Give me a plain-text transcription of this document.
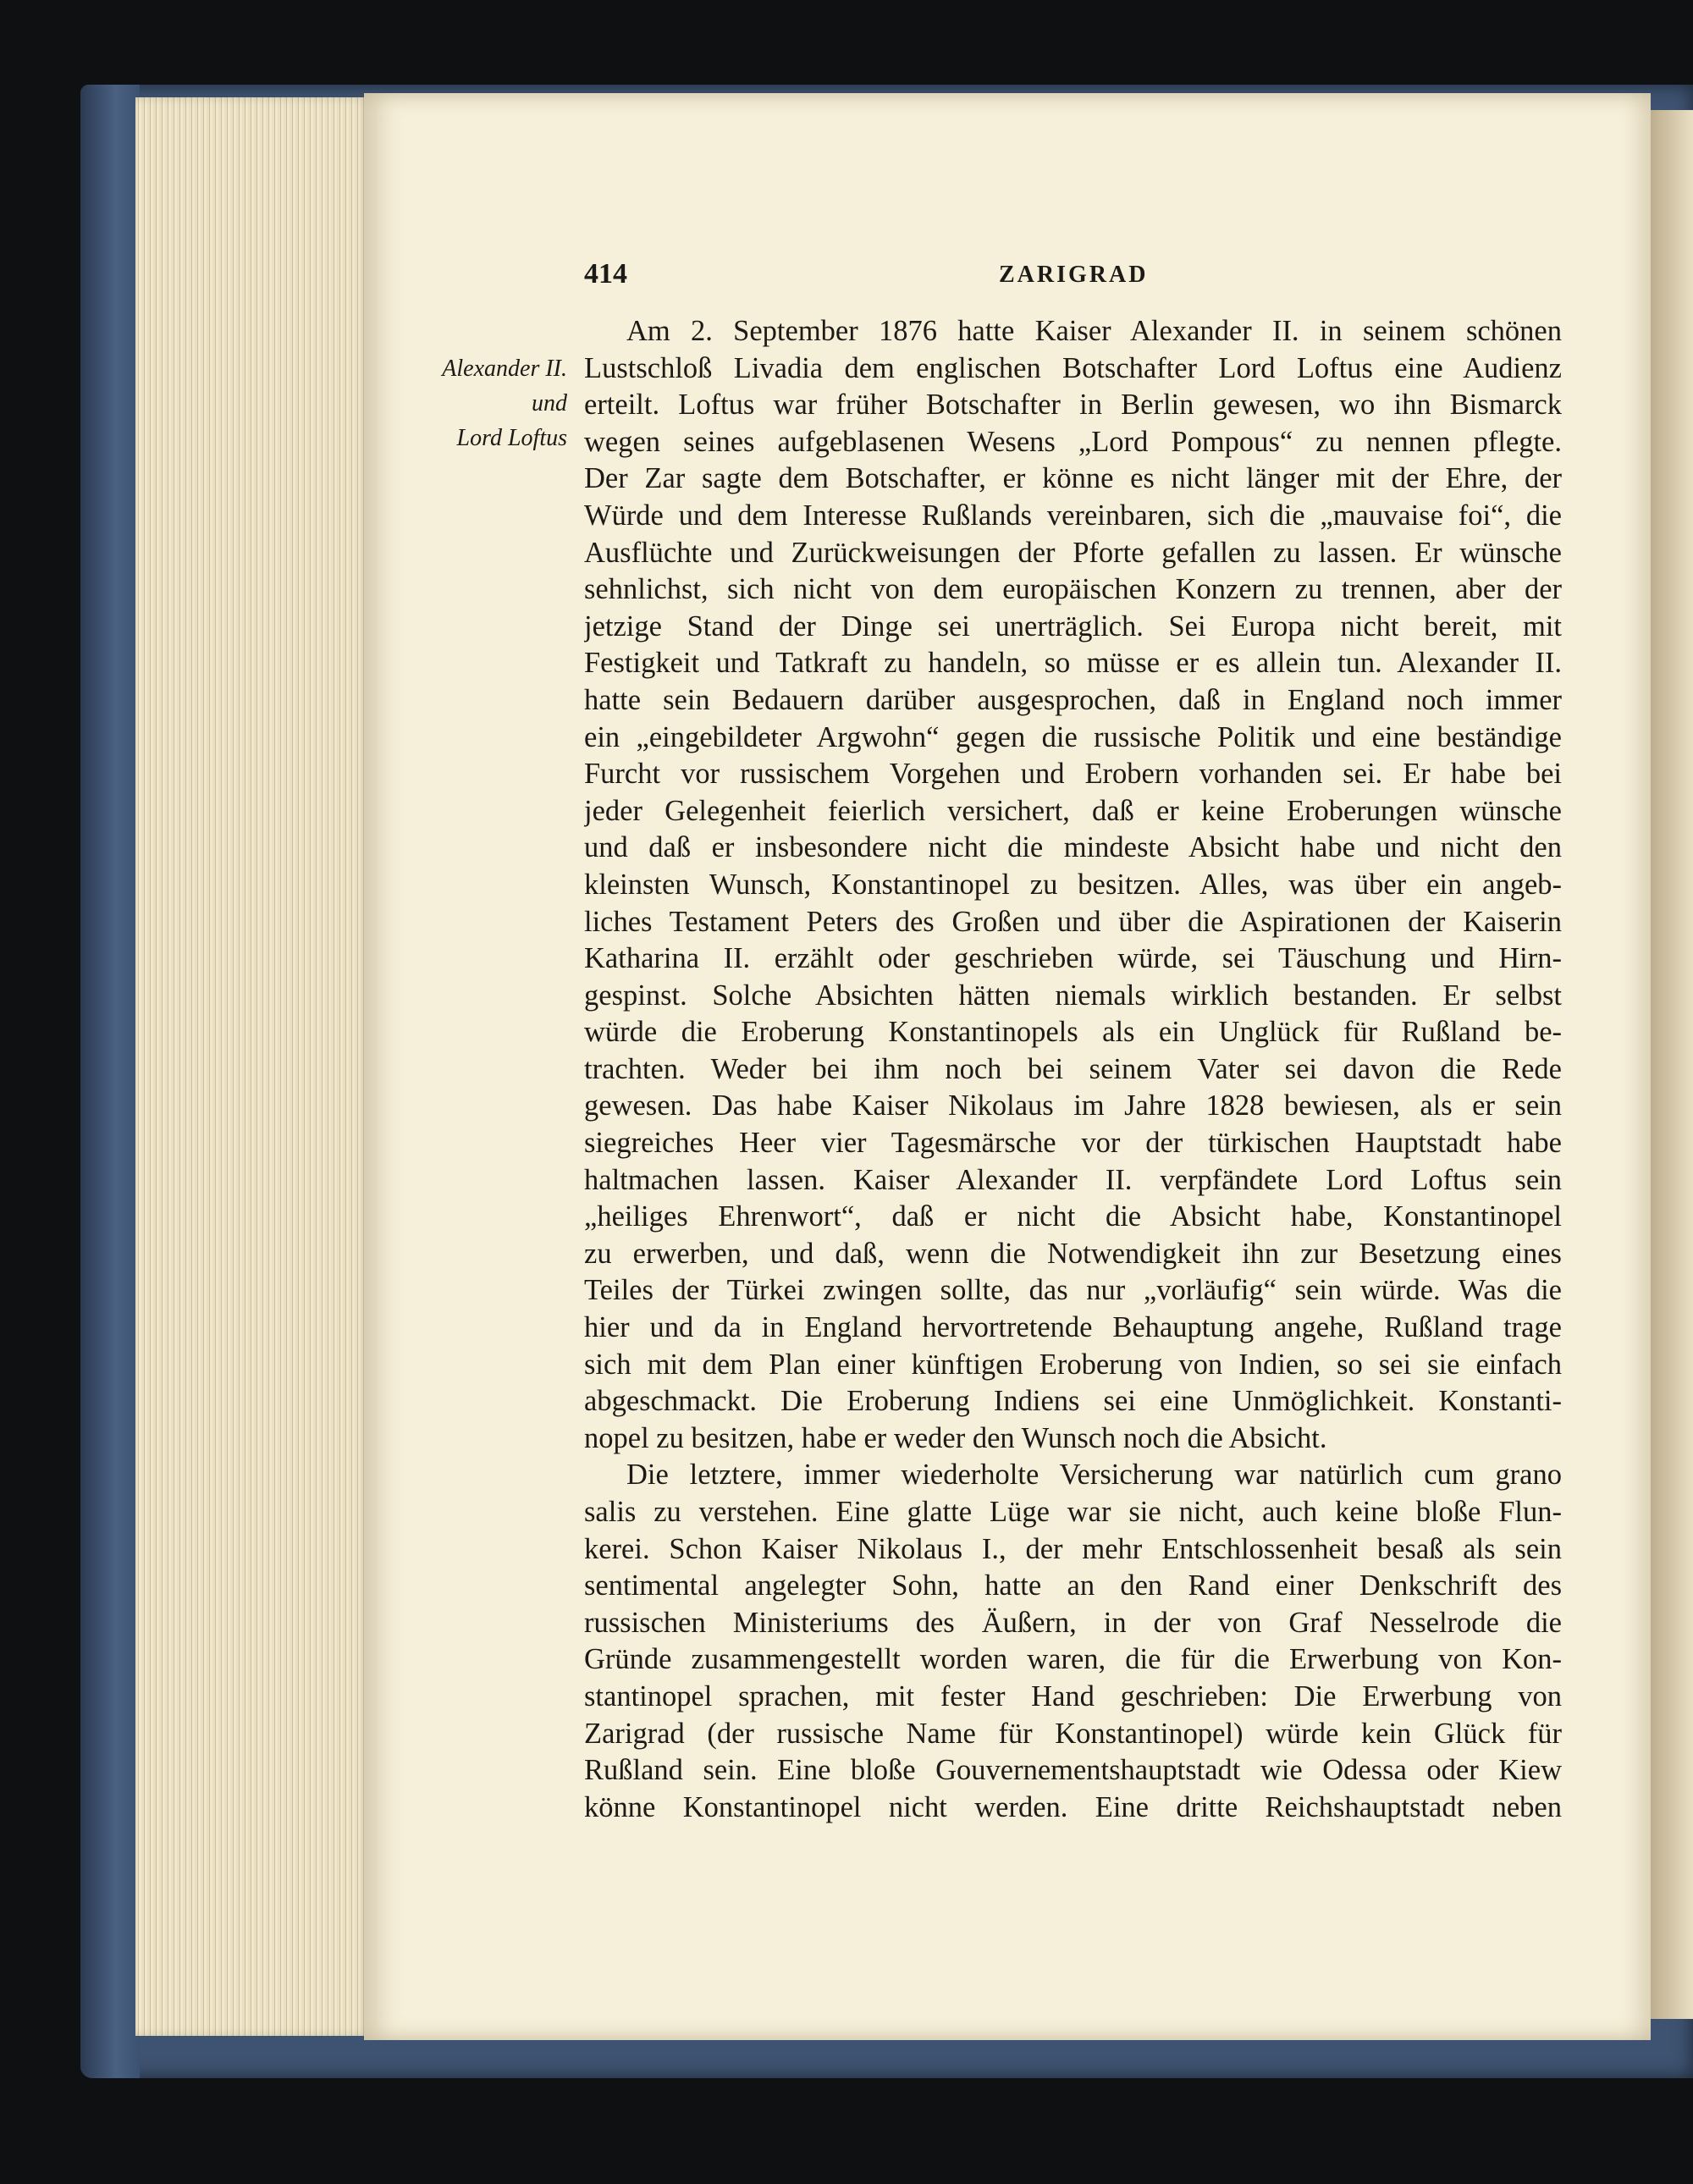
414	ZARIGRAD
Alexander II.
und
Lord Loftus

Am 2. September 1876 hatte Kaiser Alexander II. in seinem schönen

Lustschloß Livadia dem englischen Botschafter Lord Loftus eine Audienz

erteilt. Loftus war früher Botschafter in Berlin gewesen, wo ihn Bismarck

wegen seines aufgeblasenen Wesens „Lord Pompous“ zu nennen pflegte.

Der Zar sagte dem Botschafter, er könne es nicht länger mit der Ehre, der

Würde und dem Interesse Rußlands vereinbaren, sich die „mauvaise foi“, die

Ausflüchte und Zurückweisungen der Pforte gefallen zu lassen. Er wünsche

sehnlichst, sich nicht von dem europäischen Konzern zu trennen, aber der

jetzige Stand der Dinge sei unerträglich. Sei Europa nicht bereit, mit

Festigkeit und Tatkraft zu handeln, so müsse er es allein tun. Alexander II.

hatte sein Bedauern darüber ausgesprochen, daß in England noch immer

ein „eingebildeter Argwohn“ gegen die russische Politik und eine beständige

Furcht vor russischem Vorgehen und Erobern vorhanden sei. Er habe bei

jeder Gelegenheit feierlich versichert, daß er keine Eroberungen wünsche

und daß er insbesondere nicht die mindeste Absicht habe und nicht den

kleinsten Wunsch, Konstantinopel zu besitzen. Alles, was über ein angeb-

liches Testament Peters des Großen und über die Aspirationen der Kaiserin

Katharina II. erzählt oder geschrieben würde, sei Täuschung und Hirn-

gespinst. Solche Absichten hätten niemals wirklich bestanden. Er selbst

würde die Eroberung Konstantinopels als ein Unglück für Rußland be-

trachten. Weder bei ihm noch bei seinem Vater sei davon die Rede

gewesen. Das habe Kaiser Nikolaus im Jahre 1828 bewiesen, als er sein

siegreiches Heer vier Tagesmärsche vor der türkischen Hauptstadt habe

haltmachen lassen. Kaiser Alexander II. verpfändete Lord Loftus sein

„heiliges Ehrenwort“, daß er nicht die Absicht habe, Konstantinopel

zu erwerben, und daß, wenn die Notwendigkeit ihn zur Besetzung eines

Teiles der Türkei zwingen sollte, das nur „vorläufig“ sein würde. Was die

hier und da in England hervortretende Behauptung angehe, Rußland trage

sich mit dem Plan einer künftigen Eroberung von Indien, so sei sie einfach

abgeschmackt. Die Eroberung Indiens sei eine Unmöglichkeit. Konstanti-

nopel zu besitzen, habe er weder den Wunsch noch die Absicht.

Die letztere, immer wiederholte Versicherung war natürlich cum grano

salis zu verstehen. Eine glatte Lüge war sie nicht, auch keine bloße Flun-

kerei. Schon Kaiser Nikolaus I., der mehr Entschlossenheit besaß als sein

sentimental angelegter Sohn, hatte an den Rand einer Denkschrift des

russischen Ministeriums des Äußern, in der von Graf Nesselrode die

Gründe zusammengestellt worden waren, die für die Erwerbung von Kon-

stantinopel sprachen, mit fester Hand geschrieben: Die Erwerbung von

Zarigrad (der russische Name für Konstantinopel) würde kein Glück für

Rußland sein. Eine bloße Gouvernementshauptstadt wie Odessa oder Kiew

könne Konstantinopel nicht werden. Eine dritte Reichshauptstadt neben
